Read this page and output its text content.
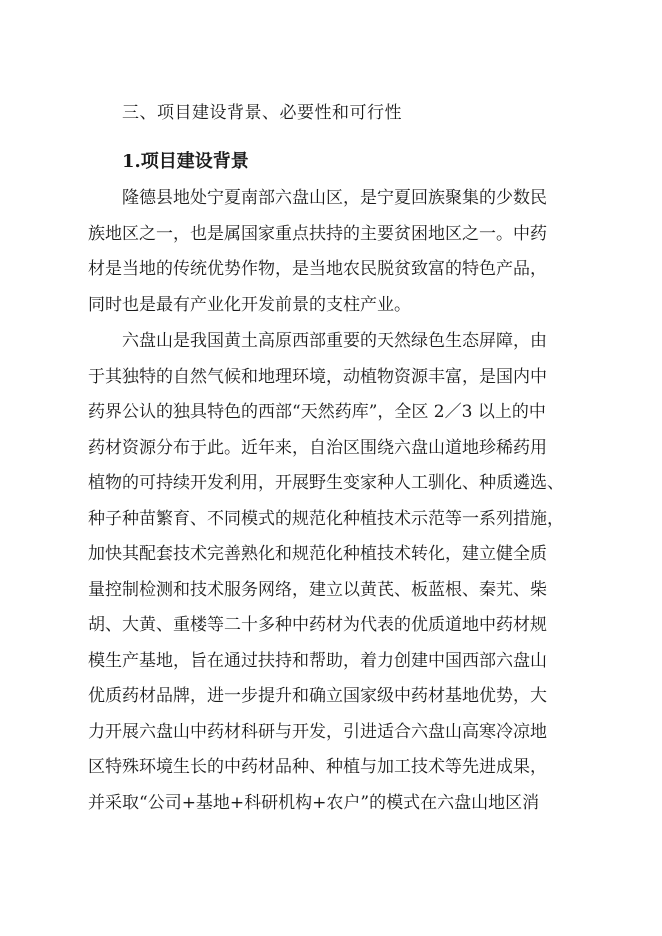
三、项目建设背景、必要性和可行性
1.项目建设背景
隆德县地处宁夏南部六盘山区，是宁夏回族聚集的少数民
族地区之一，也是属国家重点扶持的主要贫困地区之一。中药
材是当地的传统优势作物，是当地农民脱贫致富的特色产品，
同时也是最有产业化开发前景的支柱产业。
六盘山是我国黄土高原西部重要的天然绿色生态屏障，由
于其独特的自然气候和地理环境，动植物资源丰富，是国内中
药界公认的独具特色的西部“天然药库”，全区 2／3 以上的中
药材资源分布于此。近年来，自治区围绕六盘山道地珍稀药用
植物的可持续开发利用，开展野生变家种人工驯化、种质遴选、
种子种苗繁育、不同模式的规范化种植技术示范等一系列措施，
加快其配套技术完善熟化和规范化种植技术转化，建立健全质
量控制检测和技术服务网络，建立以黄芪、板蓝根、秦艽、柴
胡、大黄、重楼等二十多种中药材为代表的优质道地中药材规
模生产基地，旨在通过扶持和帮助，着力创建中国西部六盘山
优质药材品牌，进一步提升和确立国家级中药材基地优势，大
力开展六盘山中药材科研与开发，引进适合六盘山高寒冷凉地
区特殊环境生长的中药材品种、种植与加工技术等先进成果，
并采取“公司+基地+科研机构+农户”的模式在六盘山地区消
